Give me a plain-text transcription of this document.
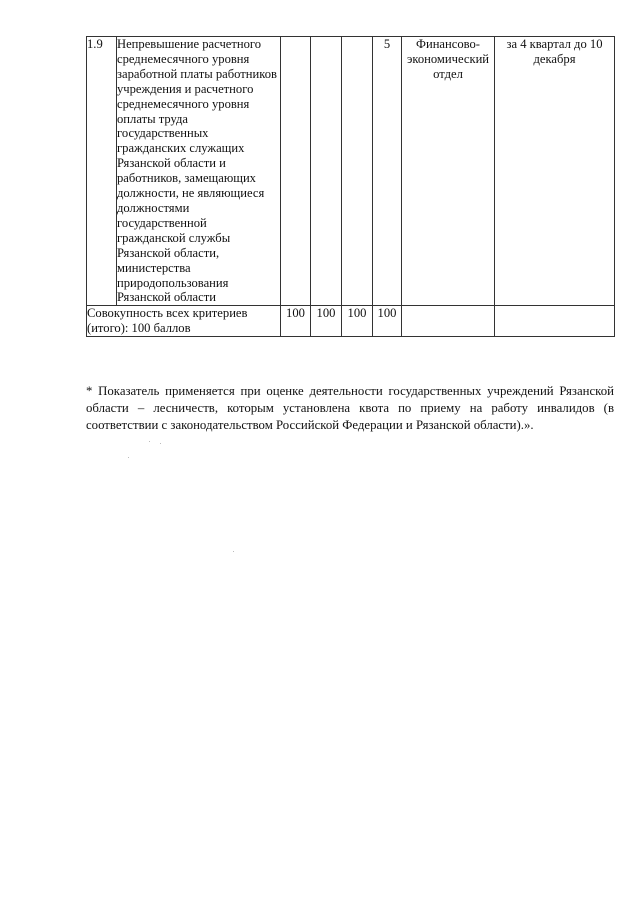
1.9	Непревышение расчетного среднемесячного уровня заработной платы работников учреждения и расчетного среднемесячного уровня оплаты труда государственных гражданских служащих Рязанской области и работников, замещающих должности, не являющиеся должностями государственной гражданской службы Рязанской области, министерства природопользования Рязанской области				5	Финансово-экономический отдел	за 4 квартал до 10 декабря
Совокупность всех критериев (итого): 100 баллов		100	100	100	100		

* Показатель применяется при оценке деятельности государственных учреждений Рязанской области – лесничеств, которым установлена квота по приему на работу инвалидов (в соответствии с законодательством Российской Федерации и Рязанской области).».
